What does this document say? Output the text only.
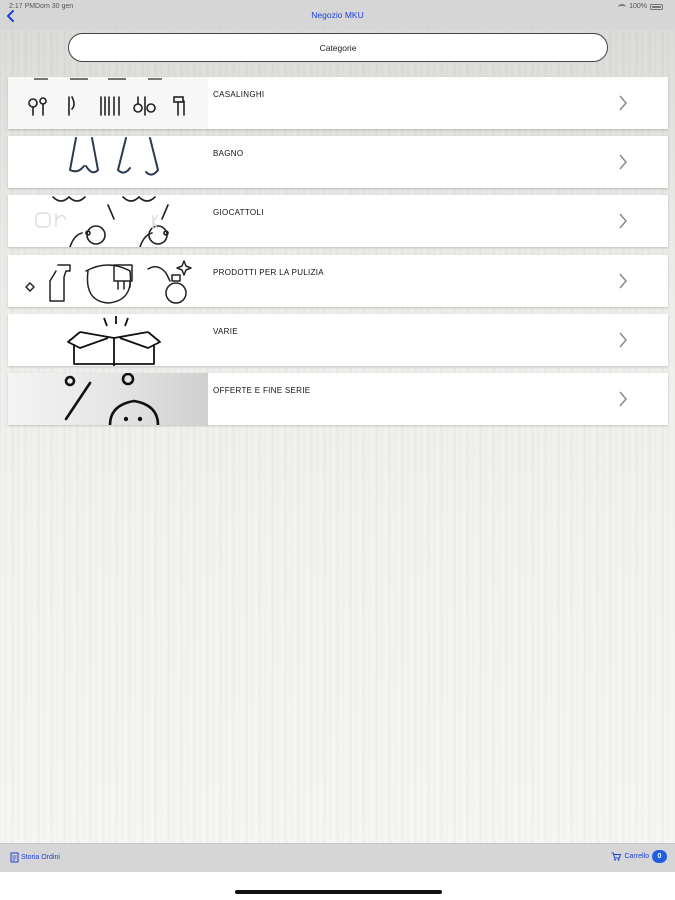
2:17 PM Dom 30 gen	100%
Negozio MKU
Categorie
CASALINGHI
BAGNO
GIOCATTOLI
PRODOTTI PER LA PULIZIA
VARIE
OFFERTE E FINE SERIE
Storia Ordini	Carrello	0
